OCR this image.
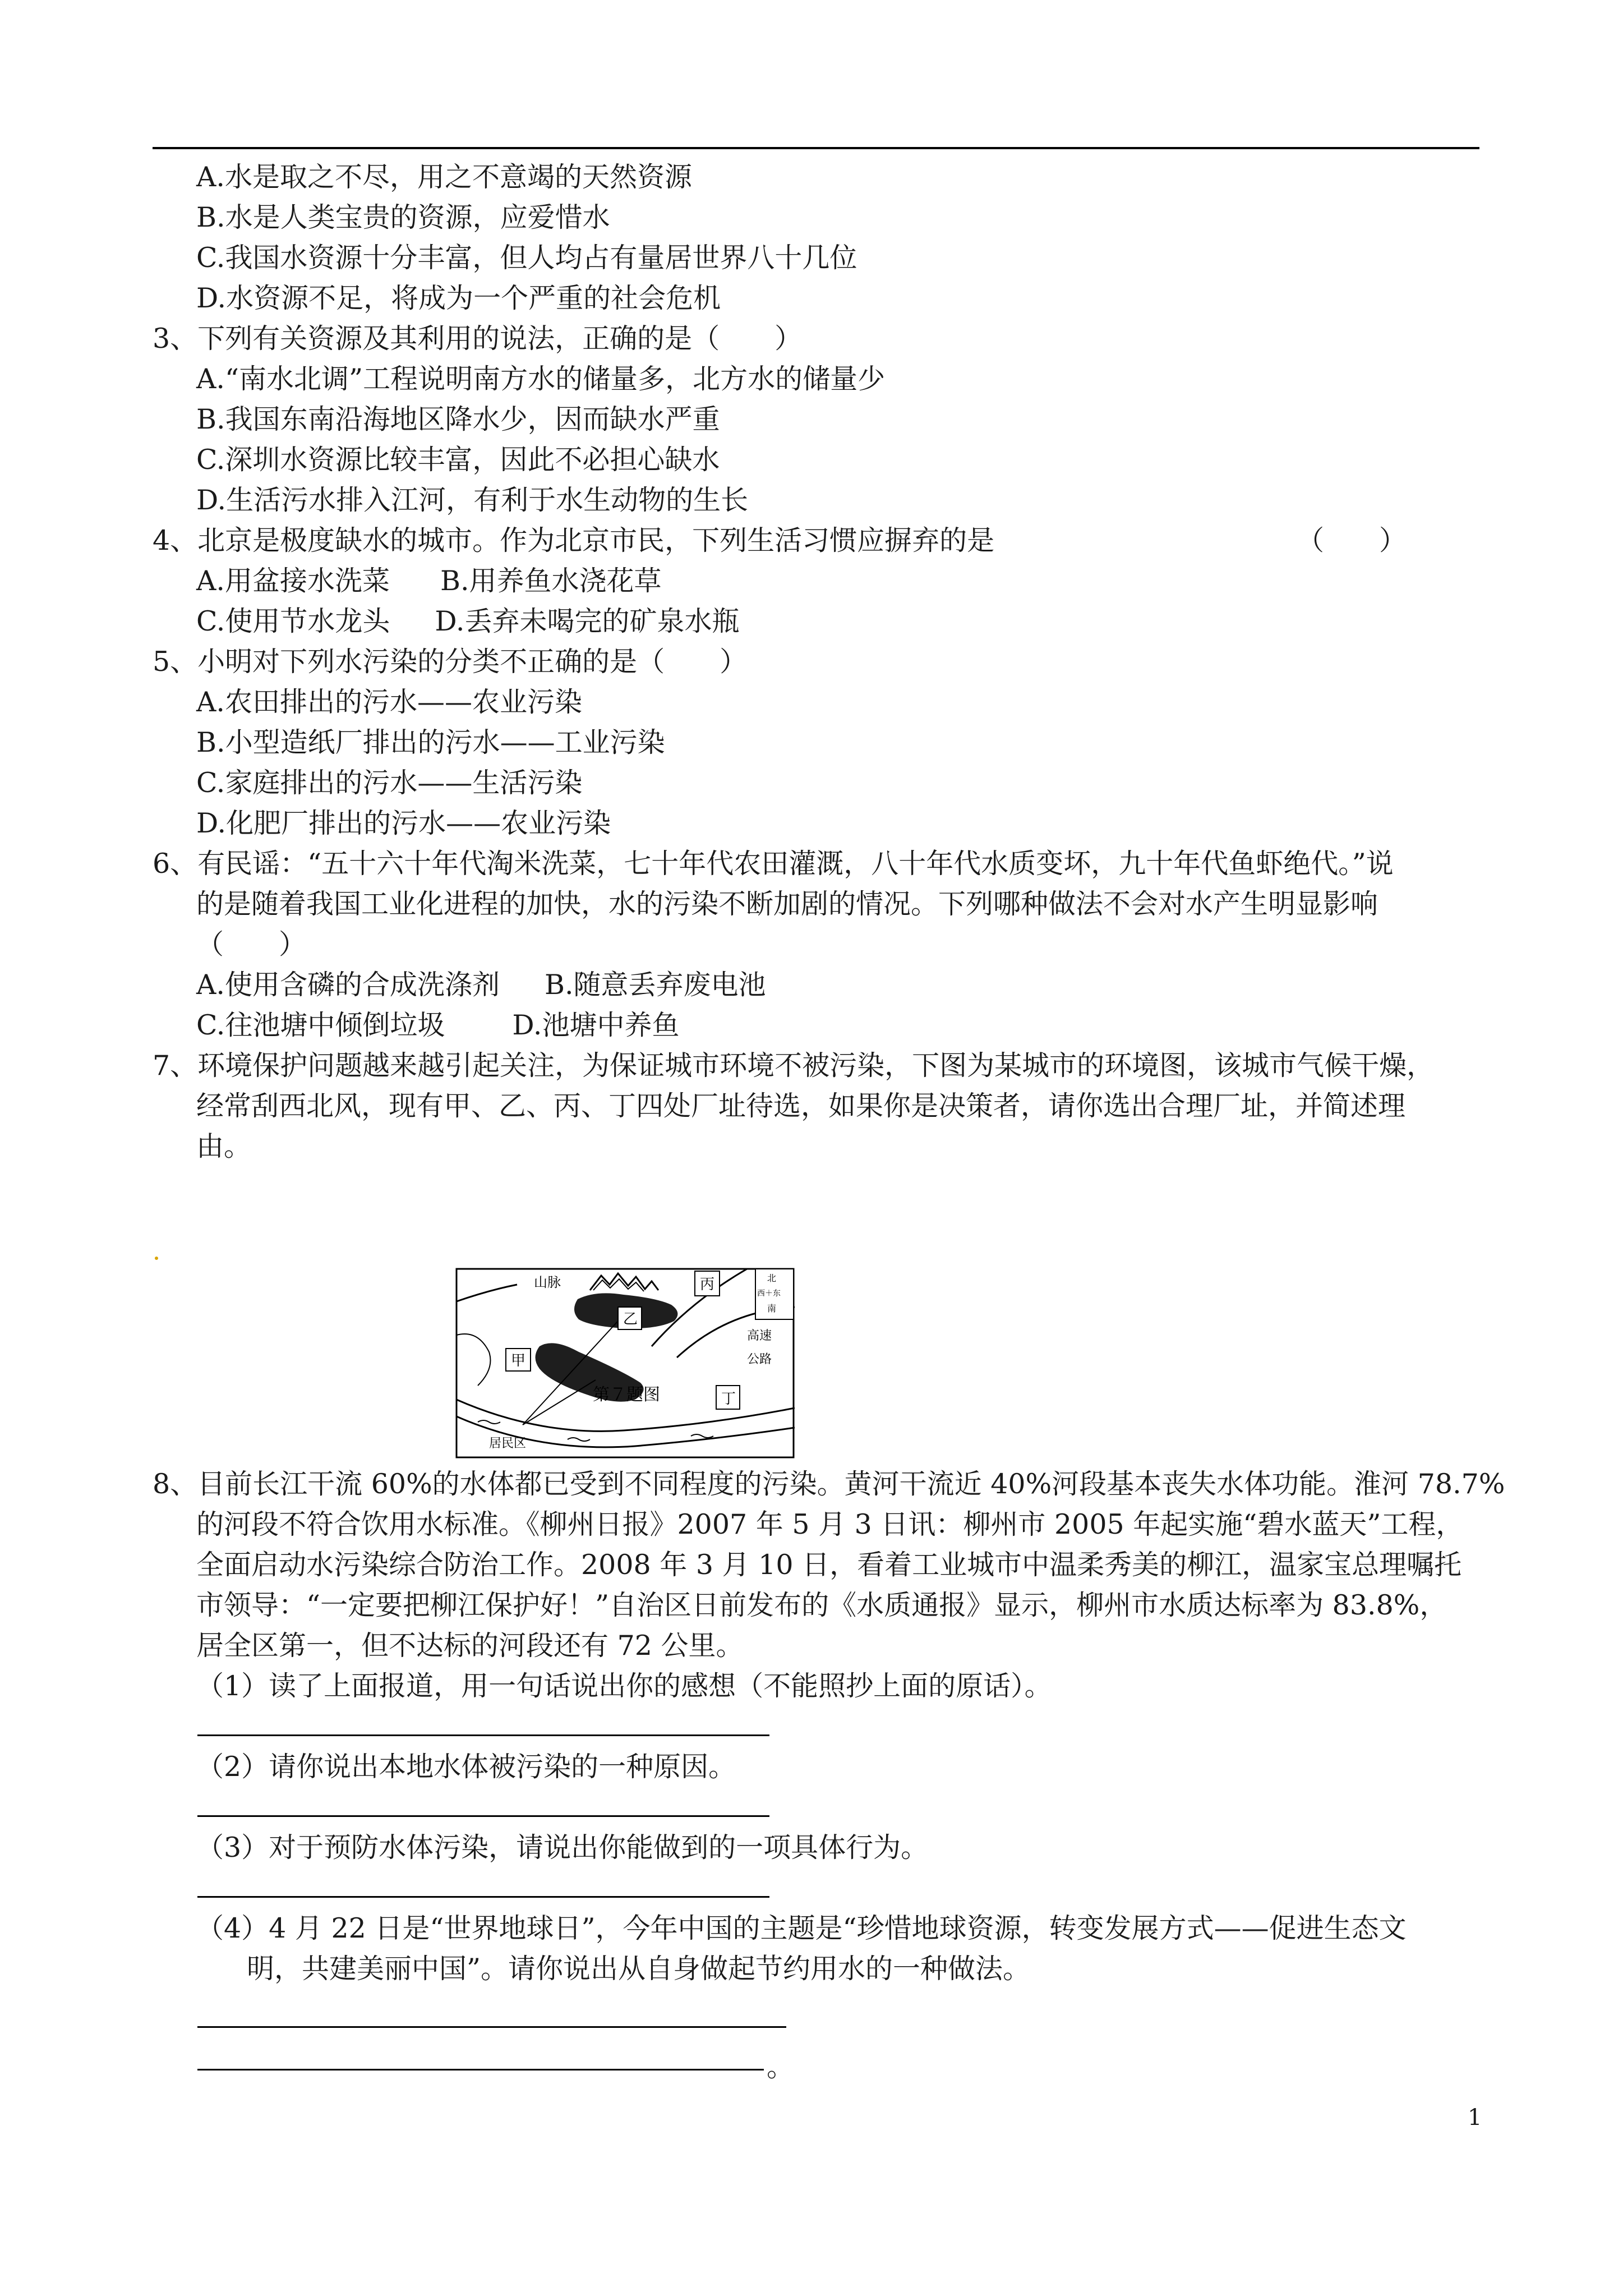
A.水是取之不尽，用之不意竭的天然资源
B.水是人类宝贵的资源，应爱惜水
C.我国水资源十分丰富，但人均占有量居世界八十几位
D.水资源不足，将成为一个严重的社会危机
3、下列有关资源及其利用的说法，正确的是（　　）
A.“南水北调”工程说明南方水的储量多，北方水的储量少
B.我国东南沿海地区降水少，因而缺水严重
C.深圳水资源比较丰富，因此不必担心缺水
D.生活污水排入江河，有利于水生动物的生长
4、北京是极度缺水的城市。作为北京市民，下列生活习惯应摒弃的是	（　　）
A.用盆接水洗菜 B.用养鱼水浇花草
C.使用节水龙头 D.丢弃未喝完的矿泉水瓶
5、小明对下列水污染的分类不正确的是（　　）
A.农田排出的污水——农业污染
B.小型造纸厂排出的污水——工业污染
C.家庭排出的污水——生活污染
D.化肥厂排出的污水——农业污染
6、有民谣：“五十六十年代淘米洗菜，七十年代农田灌溉，八十年代水质变坏，九十年代鱼虾绝代。”说
的是随着我国工业化进程的加快，水的污染不断加剧的情况。下列哪种做法不会对水产生明显影响
（　　）
A.使用含磷的合成洗涤剂 B.随意丢弃废电池
C.往池塘中倾倒垃圾 D.池塘中养鱼
7、环境保护问题越来越引起关注，为保证城市环境不被污染，下图为某城市的环境图，该城市气候干燥，
经常刮西北风，现有甲、乙、丙、丁四处厂址待选，如果你是决策者，请你选出合理厂址，并简述理
由。
山脉
乙
丙
甲
丁
北
西＋东
南
高速
公路
居民区
第７题图
8、目前长江干流 60%的水体都已受到不同程度的污染。黄河干流近 40%河段基本丧失水体功能。淮河 78.7%
的河段不符合饮用水标准。《柳州日报》2007 年 5 月 3 日讯：柳州市 2005 年起实施“碧水蓝天”工程，
全面启动水污染综合防治工作。2008 年 3 月 10 日，看着工业城市中温柔秀美的柳江，温家宝总理嘱托
市领导：“一定要把柳江保护好！”自治区日前发布的《水质通报》显示，柳州市水质达标率为 83.8%，
居全区第一，但不达标的河段还有 72 公里。
（1）读了上面报道，用一句话说出你的感想（不能照抄上面的原话）。
（2）请你说出本地水体被污染的一种原因。
（3）对于预防水体污染，请说出你能做到的一项具体行为。
（4）4 月 22 日是“世界地球日”，今年中国的主题是“珍惜地球资源，转变发展方式——促进生态文
明，共建美丽中国”。请你说出从自身做起节约用水的一种做法。
。
1
